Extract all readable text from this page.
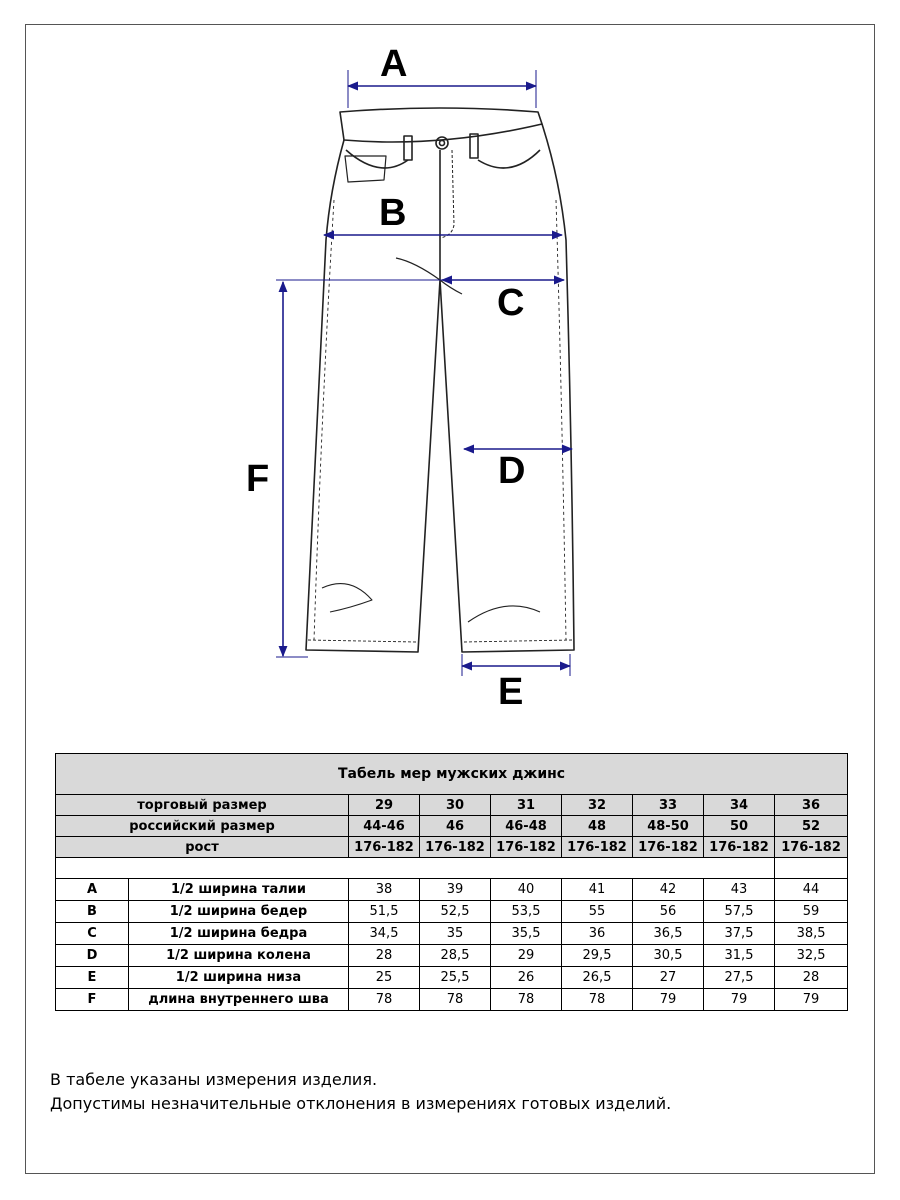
A
B
C
D
E
F
Табель мер мужских джинс								
торговый размер		29	30	31	32	33	34	36
российский размер		44-46	46	46-48	48	48-50	50	52
рост		176-182	176-182	176-182	176-182	176-182	176-182	176-182

A	1/2 ширина талии	38	39	40	41	42	43	44
B	1/2 ширина бедер	51,5	52,5	53,5	55	56	57,5	59
C	1/2 ширина бедра	34,5	35	35,5	36	36,5	37,5	38,5
D	1/2 ширина колена	28	28,5	29	29,5	30,5	31,5	32,5
E	1/2 ширина низа	25	25,5	26	26,5	27	27,5	28
F	длина внутреннего шва	78	78	78	78	79	79	79
В табеле указаны измерения изделия.
Допустимы незначительные отклонения в измерениях готовых изделий.
